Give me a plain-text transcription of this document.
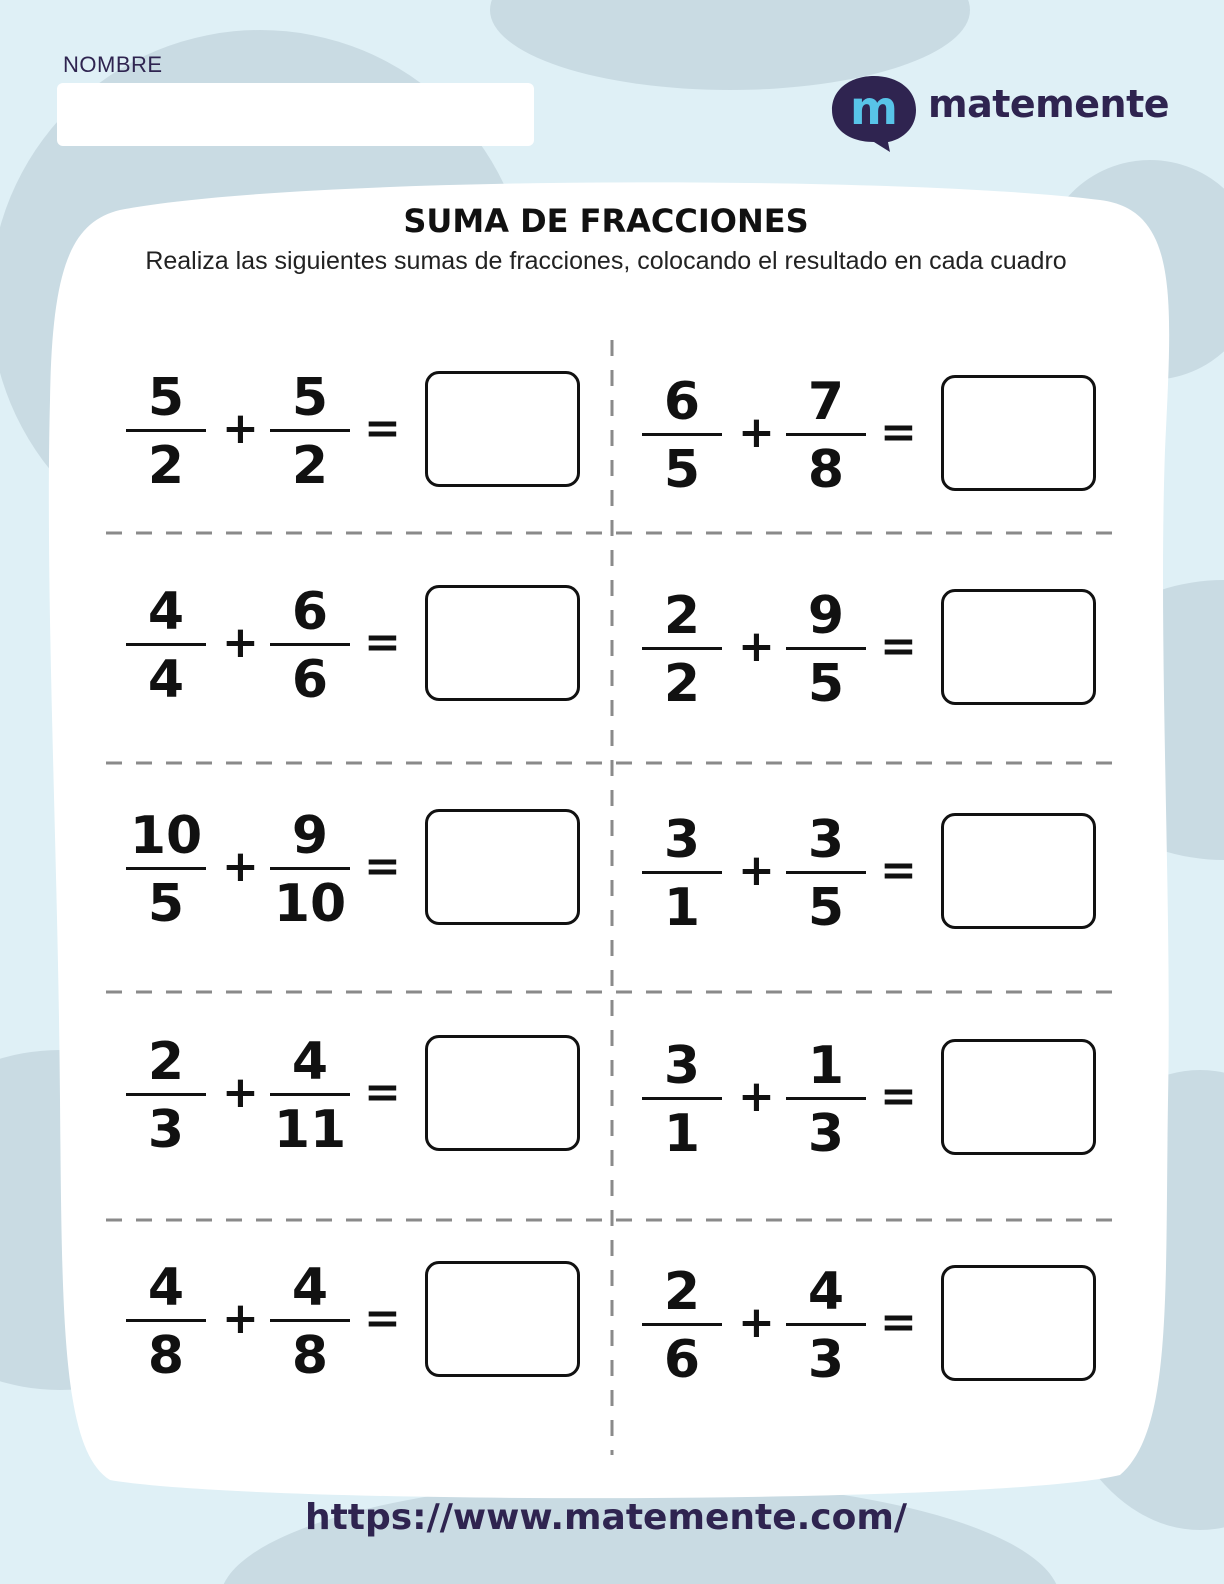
NOMBRE
m matemente
SUMA DE FRACCIONES
Realiza las siguientes sumas de fracciones, colocando el resultado en cada cuadro
5
2
+
5
2
=	6
5
+
7
8
=
4
4
+
6
6
=	2
2
+
9
5
=
10
5
+
9
10
=	3
1
+
3
5
=
2
3
+
4
11
=	3
1
+
1
3
=
4
8
+
4
8
=	2
6
+
4
3
=
https://www.matemente.com/
